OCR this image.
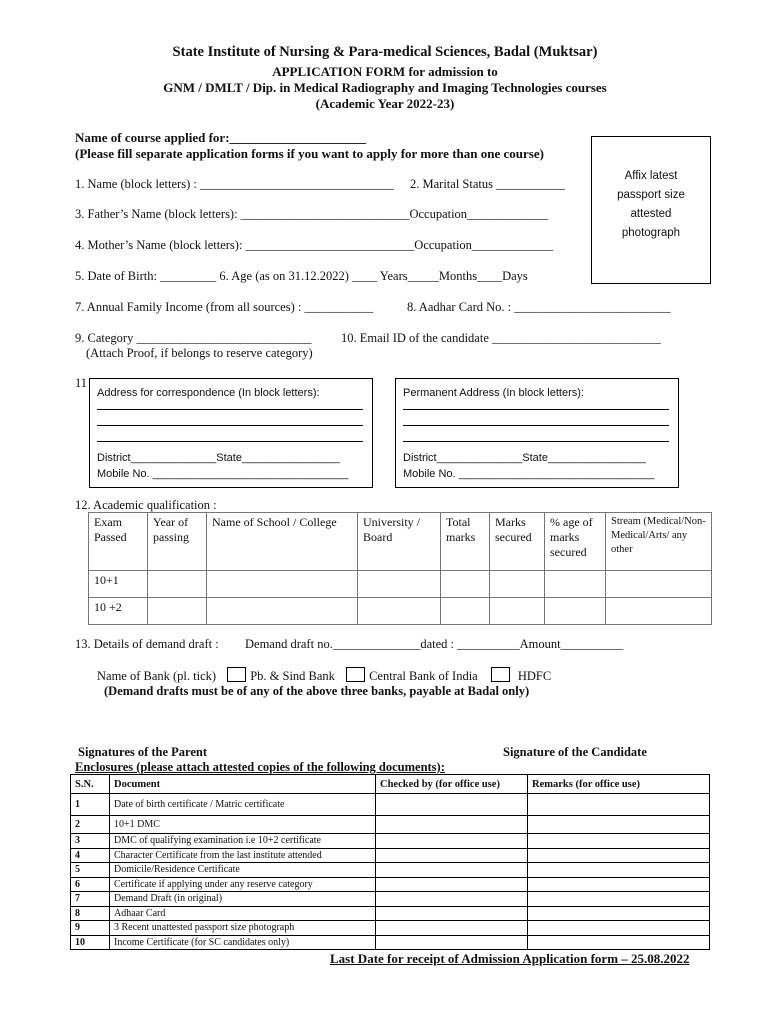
State Institute of Nursing & Para-medical Sciences, Badal (Muktsar)
APPLICATION FORM for admission to
GNM / DMLT / Dip. in Medical Radiography and Imaging Technologies courses
(Academic Year 2022-23)
Name of course applied for:_____________________
(Please fill separate application forms if you want to apply for more than one course)
Affix latest
passport size
attested
photograph
1. Name (block letters) : _______________________________ 2. Marital Status ___________
3. Father’s Name (block letters): ___________________________Occupation_____________
4. Mother’s Name (block letters): ___________________________Occupation_____________
5. Date of Birth: _________ 6. Age (as on 31.12.2022) ____ Years_____Months____Days
7. Annual Family Income (from all sources) : ___________	8. Aadhar Card No. : _________________________
9. Category ____________________________
(Attach Proof, if belongs to reserve category)
10. Email ID of the candidate ___________________________
11
Address for correspondence (In block letters):
District______________State________________
Mobile No. ________________________________
Permanent Address (In block letters):
District______________State________________
Mobile No. ________________________________
12. Academic qualification :
Exam Passed	Year of passing	Name of School / College	University / Board	Total marks	Marks secured	% age of marks secured	Stream (Medical/Non-Medical/Arts/ any other
10+1							
10 +2							
13. Details of demand draft : Demand draft no.______________dated : __________Amount__________
Name of Bank (pl. tick)	Pb. & Sind Bank	Central Bank of India	HDFC
(Demand drafts must be of any of the above three banks, payable at Badal only)
Signatures of the Parent	Signature of the Candidate
Enclosures (please attach attested copies of the following documents):
S.N.	Document	Checked by (for office use)	Remarks (for office use)
1	Date of birth certificate / Matric certificate		
2	10+1 DMC		
3	DMC of qualifying examination i.e 10+2 certificate		
4	Character Certificate from the last institute attended		
5	Domicile/Residence Certificate		
6	Certificate if applying under any reserve category		
7	Demand Draft (in original)		
8	Adhaar Card		
9	3 Recent unattested passport size photograph		
10	Income Certificate (for SC candidates only)		
Last Date for receipt of Admission Application form – 25.08.2022
